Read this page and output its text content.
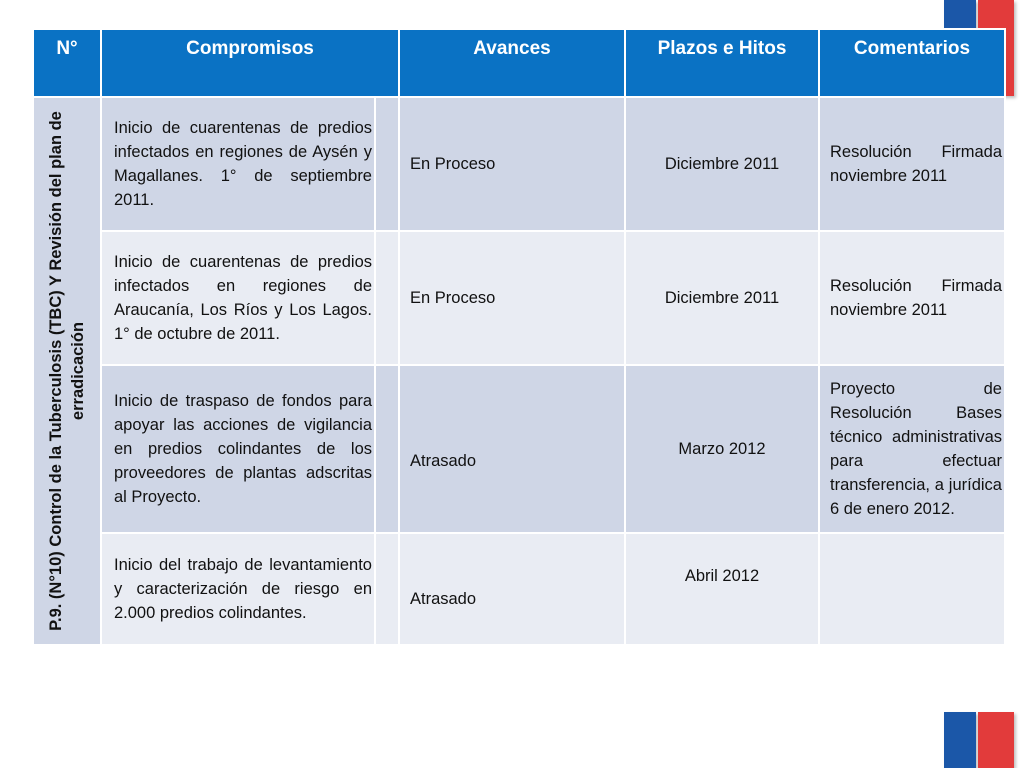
N°	Compromisos		Avances	Plazos e Hitos	Comentarios

P.9. (N°10) Control de la Tuberculosis (TBC) Y Revisión del plan de erradicación	Inicio de cuarentenas de predios infectados en regiones de Aysén y Magallanes. 1° de septiembre 2011.		En Proceso	Diciembre 2011	Resolución Firmada noviembre 2011
	Inicio de cuarentenas de predios infectados en regiones de Araucanía, Los Ríos y Los Lagos. 1° de octubre de 2011.		En Proceso	Diciembre 2011	Resolución Firmada noviembre 2011
	Inicio de traspaso de fondos para apoyar las acciones de vigilancia en predios colindantes de los proveedores de plantas adscritas al Proyecto.		Atrasado	Marzo 2012	Proyecto de Resolución Bases técnico administrativas para efectuar transferencia, a jurídica 6 de enero 2012.
	Inicio del trabajo de levantamiento y caracterización de riesgo en 2.000 predios colindantes.		Atrasado	Abril 2012	
